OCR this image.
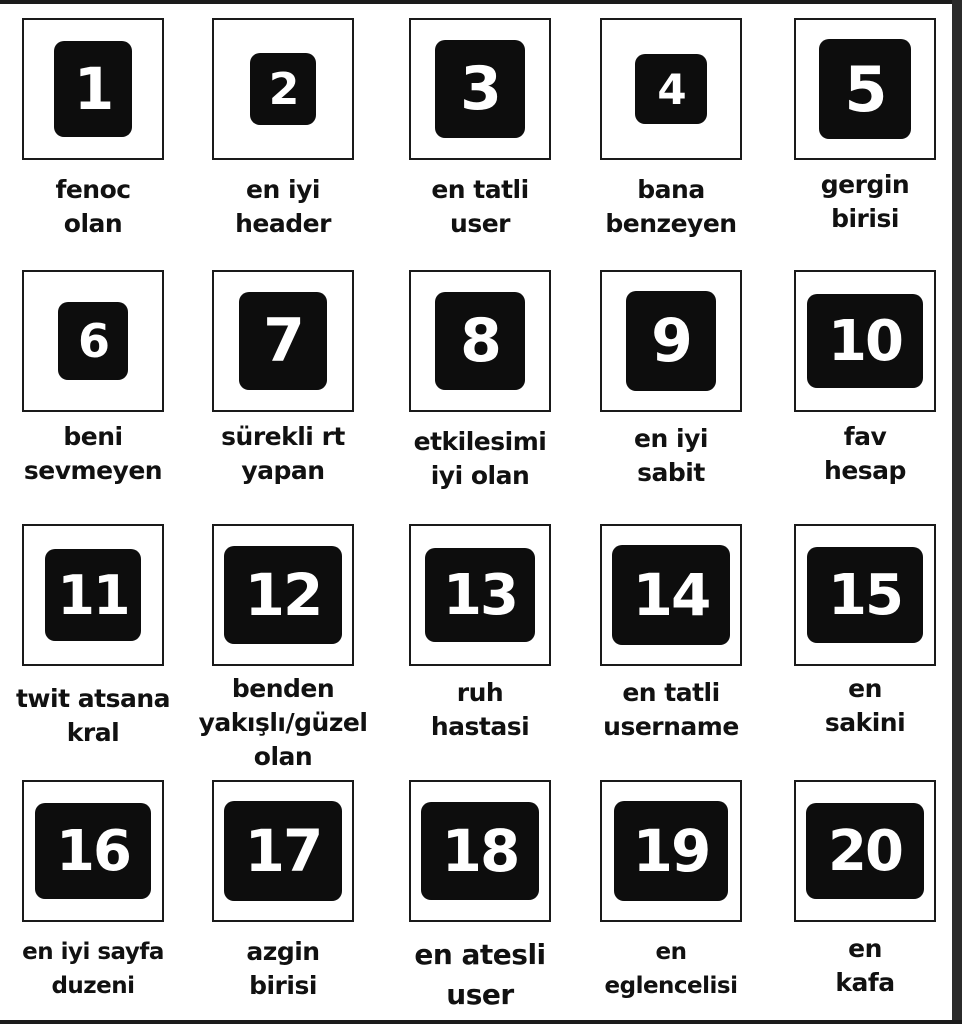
1
fenoc
olan
2
en iyi
header
3
en tatli
user
4
bana
benzeyen
5
gergin
birisi
6
beni
sevmeyen
7
sürekli rt
yapan
8
etkilesimi
iyi olan
9
en iyi
sabit
10
fav
hesap
11
twit atsana
kral
12
benden
yakışlı/güzel
olan
13
ruh
hastasi
14
en tatli
username
15
en
sakini
16
en iyi sayfa
duzeni
17
azgin
birisi
18
en atesli
user
19
en
eglencelisi
20
en
kafa
